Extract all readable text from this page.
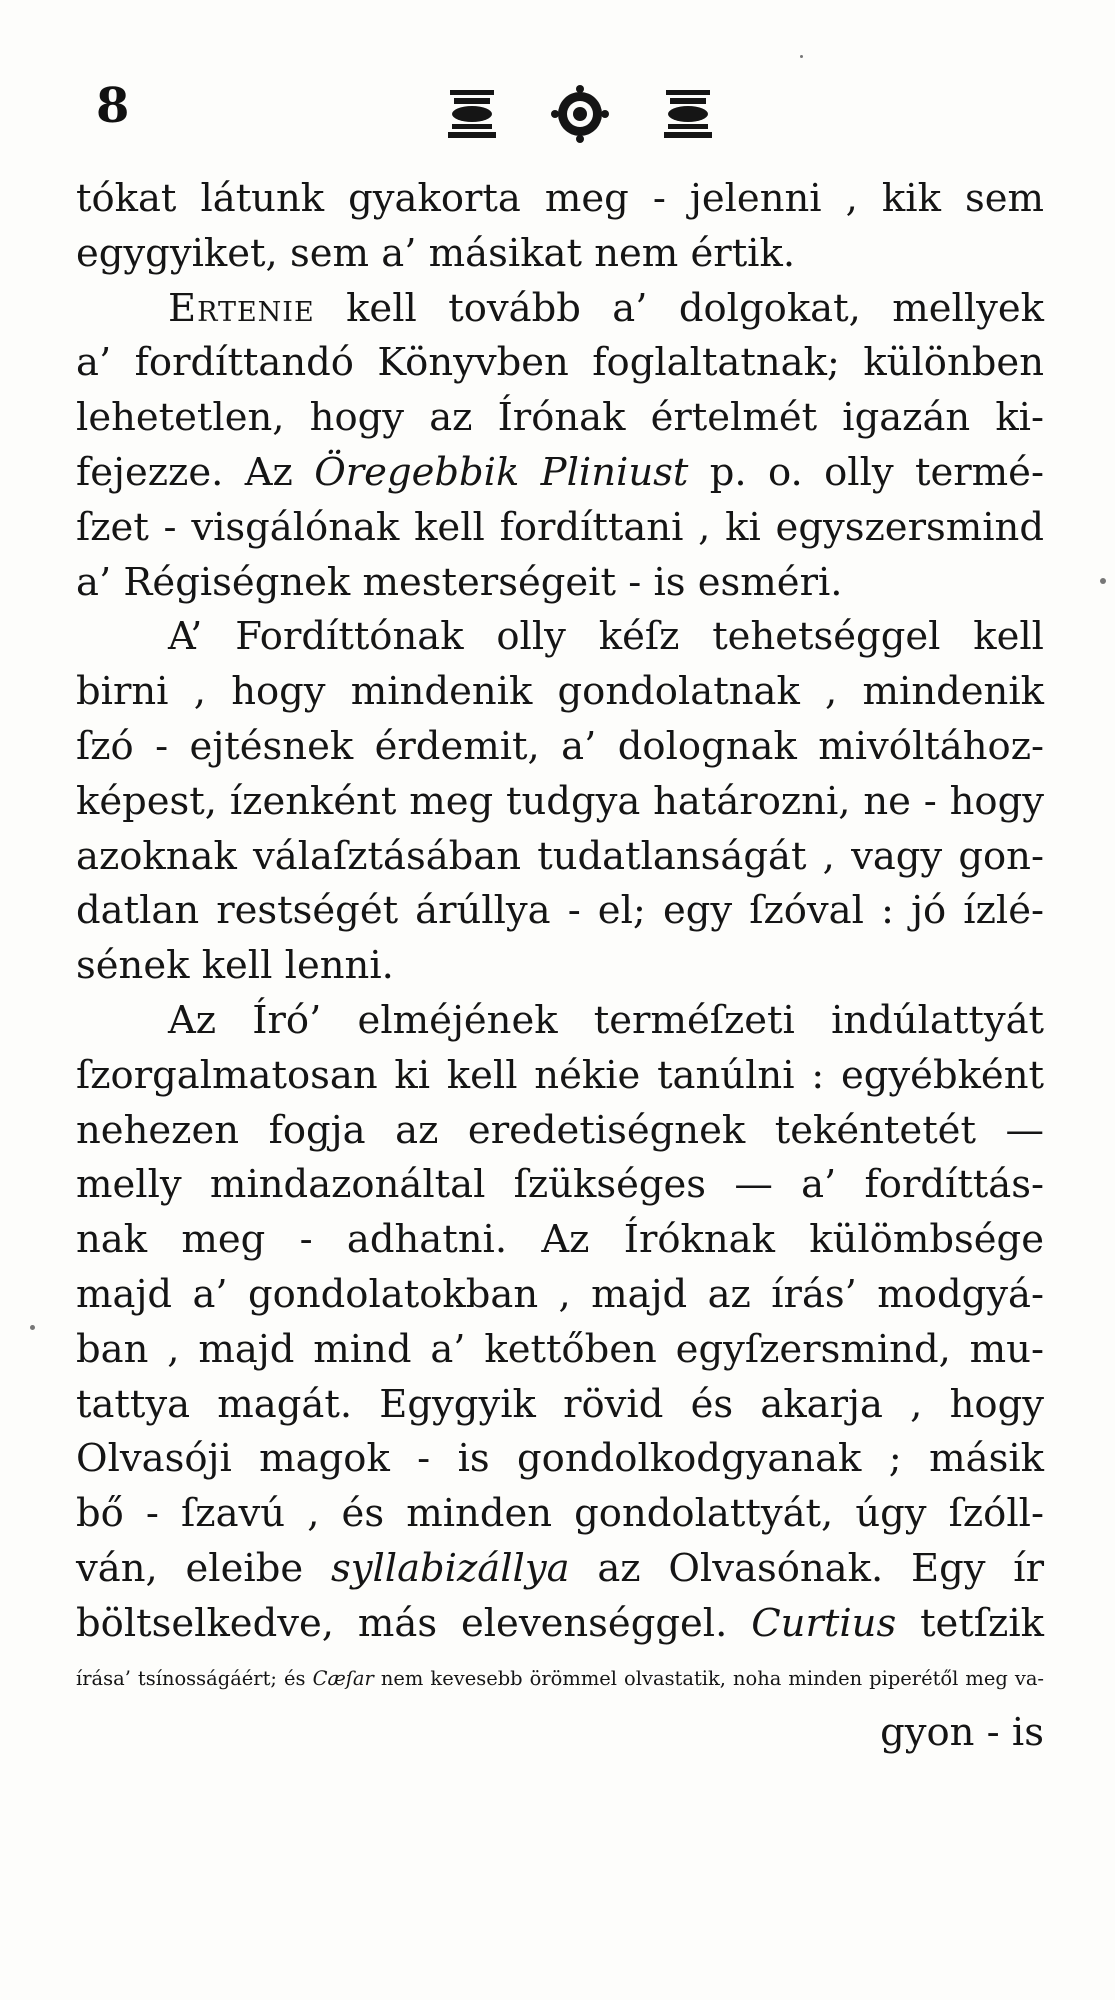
8
tókat látunk gyakorta meg - jelenni , kik sem
egygyiket, sem a’ másikat nem értik.
Ertenie kell tovább a’ dolgokat, mellyek
a’ fordíttandó Könyvben foglaltatnak; különben
lehetetlen, hogy az Írónak értelmét igazán ki-
fejezze. Az Öregebbik Pliniust p. o. olly termé-
ſzet - visgálónak kell fordíttani , ki egyszersmind
a’ Régiségnek mesterségeit - is esméri.
A’ Fordíttónak olly kéſz tehetséggel kell
birni , hogy mindenik gondolatnak , mindenik
ſzó - ejtésnek érdemit, a’ dolognak mivóltához-
képest, ízenként meg tudgya határozni, ne - hogy
azoknak válaſztásában tudatlanságát , vagy gon-
datlan restségét árúllya - el; egy ſzóval : jó ízlé-
sének kell lenni.
Az Író’ elméjének terméſzeti indúlattyát
ſzorgalmatosan ki kell nékie tanúlni : egyébként
nehezen fogja az eredetiségnek tekéntetét —
melly mindazonáltal ſzükséges — a’ fordíttás-
nak meg - adhatni. Az Íróknak külömbsége
majd a’ gondolatokban , majd az írás’ modgyá-
ban , majd mind a’ kettőben egyſzersmind, mu-
tattya magát. Egygyik rövid és akarja , hogy
Olvasóji magok - is gondolkodgyanak ; másik
bő - ſzavú , és minden gondolattyát, úgy ſzóll-
ván, eleibe syllabizállya az Olvasónak. Egy ír
böltselkedve, más elevenséggel. Curtius tetſzik
írása’ tsínosságáért; és Cæſar nem kevesebb örömmel olvastatik, noha minden piperétől meg va-
gyon - is
